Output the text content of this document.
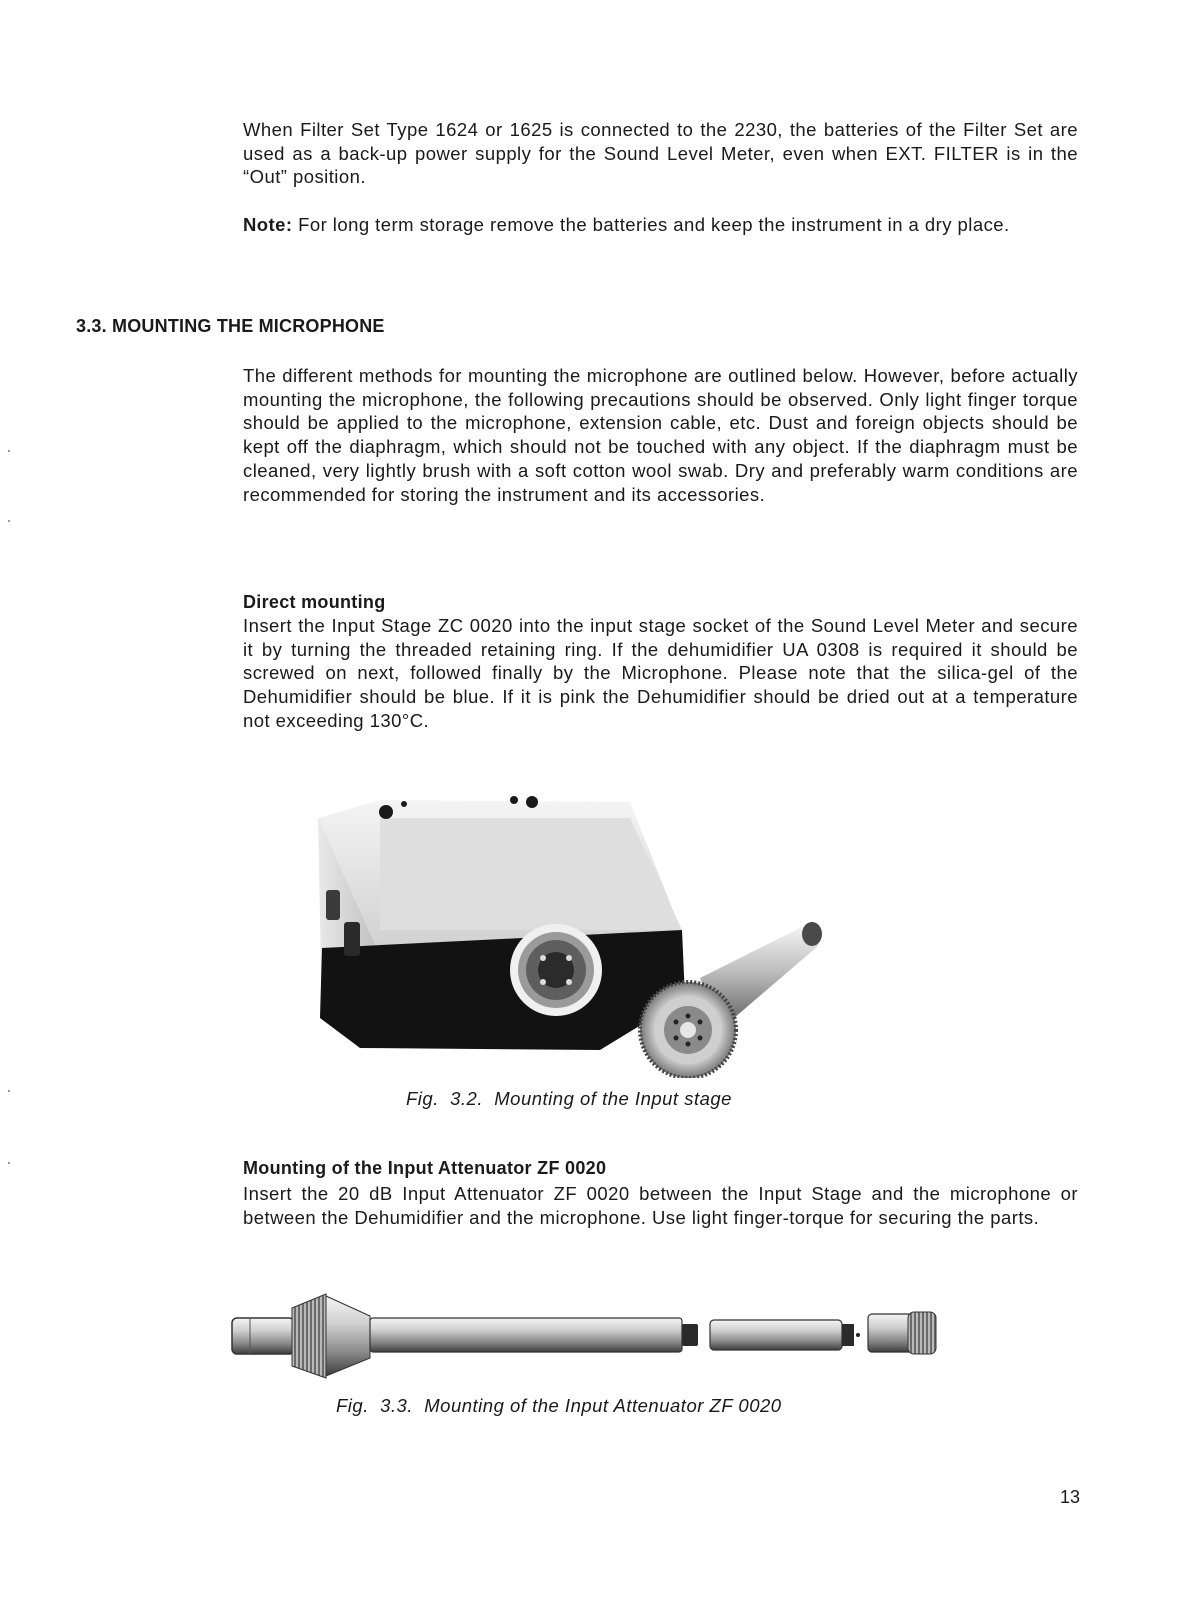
When Filter Set Type 1624 or 1625 is connected to the 2230, the batteries of the Filter Set are used as a back-up power supply for the Sound Level Meter, even when EXT. FILTER is in the “Out” position.

Note: For long term storage remove the batteries and keep the instrument in a dry place.

3.3. MOUNTING THE MICROPHONE

The different methods for mounting the microphone are outlined below. However, before actually mounting the microphone, the following precautions should be observed. Only light finger torque should be applied to the microphone, extension cable, etc. Dust and foreign objects should be kept off the diaphragm, which should not be touched with any object. If the diaphragm must be cleaned, very lightly brush with a soft cotton wool swab. Dry and preferably warm conditions are recommended for storing the instrument and its accessories.

Direct mounting

Insert the Input Stage ZC 0020 into the input stage socket of the Sound Level Meter and secure it by turning the threaded retaining ring. If the dehumidifier UA 0308 is required it should be screwed on next, followed finally by the Microphone. Please note that the silica-gel of the Dehumidifier should be blue. If it is pink the Dehumidifier should be dried out at a temperature not exceeding 130°C.

Fig.  3.2.  Mounting of the Input stage

Mounting of the Input Attenuator ZF 0020

Insert the 20 dB Input Attenuator ZF 0020 between the Input Stage and the microphone or between the Dehumidifier and the microphone. Use light finger-torque for securing the parts.

Fig.  3.3.  Mounting of the Input Attenuator ZF 0020

13
